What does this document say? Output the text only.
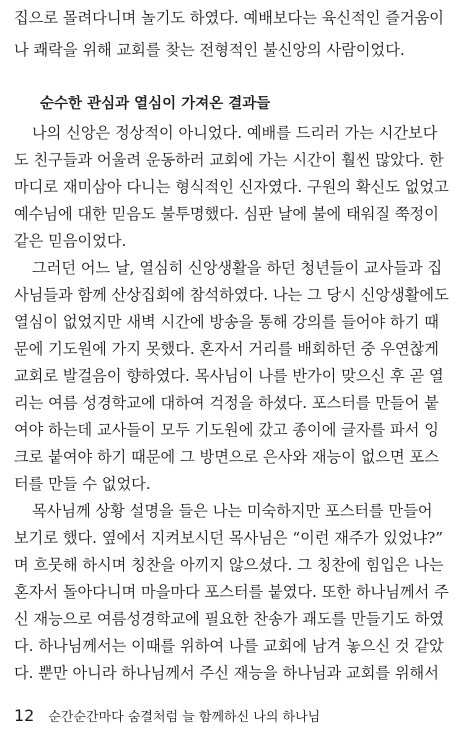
집으로 몰려다니며 놀기도 하였다. 예배보다는 육신적인 즐거움이
나 쾌락을 위해 교회를 찾는 전형적인 불신앙의 사람이었다.
순수한 관심과 열심이 가져온 결과들
나의 신앙은 정상적이 아니었다. 예배를 드리러 가는 시간보다
도 친구들과 어울려 운동하러 교회에 가는 시간이 훨씬 많았다. 한
마디로 재미삼아 다니는 형식적인 신자였다. 구원의 확신도 없었고
예수님에 대한 믿음도 불투명했다. 심판 날에 불에 태워질 쭉정이
같은 믿음이었다.
그러던 어느 날, 열심히 신앙생활을 하던 청년들이 교사들과 집
사님들과 함께 산상집회에 참석하였다. 나는 그 당시 신앙생활에도
열심이 없었지만 새벽 시간에 방송을 통해 강의를 들어야 하기 때
문에 기도원에 가지 못했다. 혼자서 거리를 배회하던 중 우연찮게
교회로 발걸음이 향하였다. 목사님이 나를 반가이 맞으신 후 곧 열
리는 여름 성경학교에 대하여 걱정을 하셨다. 포스터를 만들어 붙
여야 하는데 교사들이 모두 기도원에 갔고 종이에 글자를 파서 잉
크로 붙여야 하기 때문에 그 방면으로 은사와 재능이 없으면 포스
터를 만들 수 없었다.
목사님께 상황 설명을 들은 나는 미숙하지만 포스터를 만들어
보기로 했다. 옆에서 지켜보시던 목사님은 “이런 재주가 있었냐?”
며 흐뭇해 하시며 칭찬을 아끼지 않으셨다. 그 칭찬에 힘입은 나는
혼자서 돌아다니며 마을마다 포스터를 붙였다. 또한 하나님께서 주
신 재능으로 여름성경학교에 필요한 찬송가 괘도를 만들기도 하였
다. 하나님께서는 이때를 위하여 나를 교회에 남겨 놓으신 것 같았
다. 뿐만 아니라 하나님께서 주신 재능을 하나님과 교회를 위해서
12 순간순간마다 숨결처럼 늘 함께하신 나의 하나님
